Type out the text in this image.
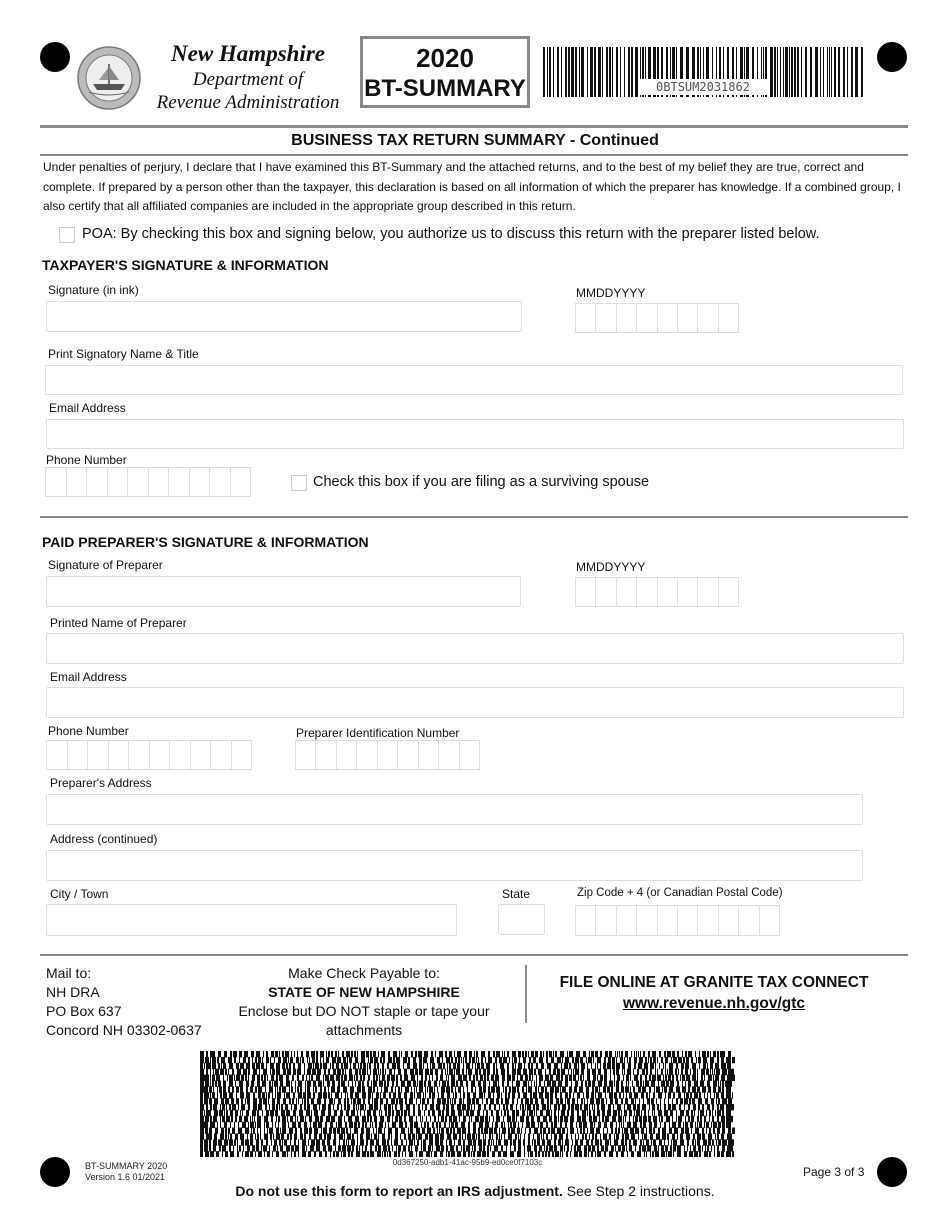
New Hampshire
Department of
Revenue Administration
2020
BT-SUMMARY	0BTSUM2031862
BUSINESS TAX RETURN SUMMARY - Continued
Under penalties of perjury, I declare that I have examined this BT-Summary and the attached returns, and to the best of my belief they are true, correct and complete. If prepared by a person other than the taxpayer, this declaration is based on all information of which the preparer has knowledge. If a combined group, I also certify that all affiliated companies are included in the appropriate group described in this return.
POA: By checking this box and signing below, you authorize us to discuss this return with the preparer listed below.
TAXPAYER'S SIGNATURE & INFORMATION
Signature (in ink)	MMDDYYYY
Print Signatory Name & Title
Email Address
Phone Number
Check this box if you are filing as a surviving spouse
PAID PREPARER'S SIGNATURE & INFORMATION
Signature of Preparer	MMDDYYYY
Printed Name of Preparer
Email Address
Phone Number	Preparer Identification Number
Preparer's Address
Address (continued)
City / Town	State	Zip Code + 4 (or Canadian Postal Code)
Mail to:
NH DRA
PO Box 637
Concord NH 03302-0637
Make Check Payable to:
STATE OF NEW HAMPSHIRE
Enclose but DO NOT staple or tape your attachments
FILE ONLINE AT GRANITE TAX CONNECT
www.revenue.nh.gov/gtc
0d367250-adb1-41ac-95b9-ed0ce0f7103c
BT-SUMMARY 2020
Version 1.6 01/2021	Page 3 of 3
Do not use this form to report an IRS adjustment. See Step 2 instructions.
